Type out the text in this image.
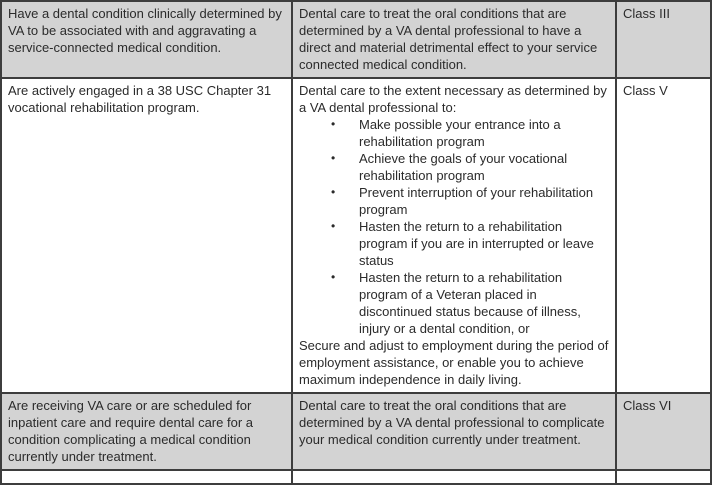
Have a dental condition clinically determined by VA to be associated with and aggravating a service-connected medical condition.

Dental care to treat the oral conditions that are determined by a VA dental professional to have a direct and material detrimental effect to your service connected medical condition.

Class III

Are actively engaged in a 38 USC Chapter 31 vocational rehabilitation program.

Dental care to the extent necessary as determined by a VA dental professional to:

• Make possible your entrance into a rehabilitation program
• Achieve the goals of your vocational rehabilitation program
• Prevent interruption of your rehabilitation program
• Hasten the return to a rehabilitation program if you are in interrupted or leave status
• Hasten the return to a rehabilitation program of a Veteran placed in discontinued status because of illness, injury or a dental condition, or

Secure and adjust to employment during the period of employment assistance, or enable you to achieve maximum independence in daily living.

Class V

Are receiving VA care or are scheduled for inpatient care and require dental care for a condition complicating a medical condition currently under treatment.

Dental care to treat the oral conditions that are determined by a VA dental professional to complicate your medical condition currently under treatment.

Class VI
